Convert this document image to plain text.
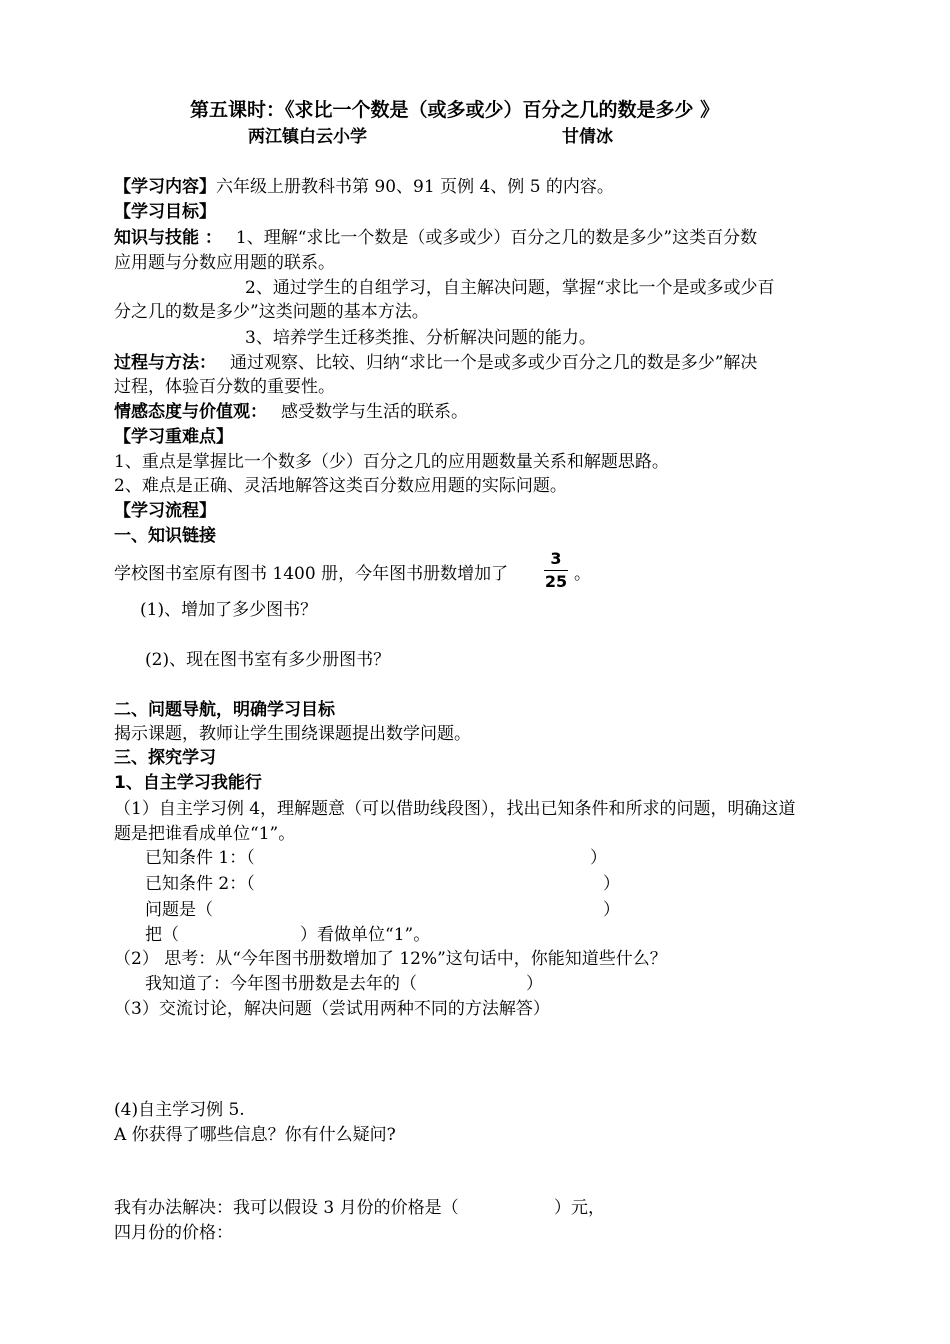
第五课时：《求比一个数是（或多或少）百分之几的数是多少 》
两江镇白云小学	甘倩冰
【学习内容】六年级上册教科书第 90、91 页例 4、例 5 的内容。
【学习目标】
知识与技能 ： 1、理解“求比一个数是（或多或少）百分之几的数是多少”这类百分数
应用题与分数应用题的联系。
2、通过学生的自组学习，自主解决问题，掌握“求比一个是或多或少百
分之几的数是多少”这类问题的基本方法。
3、培养学生迁移类推、分析解决问题的能力。
过程与方法： 通过观察、比较、归纳“求比一个是或多或少百分之几的数是多少”解决
过程，体验百分数的重要性。
情感态度与价值观： 感受数学与生活的联系。
【学习重难点】
1、重点是掌握比一个数多（少）百分之几的应用题数量关系和解题思路。
2、难点是正确、灵活地解答这类百分数应用题的实际问题。
【学习流程】
一、知识链接
学校图书室原有图书 1400 册，今年图书册数增加了
3
25 。
(1)、增加了多少图书？
(2)、现在图书室有多少册图书？
二、问题导航，明确学习目标
揭示课题，教师让学生围绕课题提出数学问题。
三、探究学习
1、自主学习我能行
（1）自主学习例 4，理解题意（可以借助线段图），找出已知条件和所求的问题，明确这道
题是把谁看成单位“1”。
已知条件 1：（	）
已知条件 2：（	）
问题是（	）
把（	）看做单位“1”。
（2） 思考：从“今年图书册数增加了 12%”这句话中，你能知道些什么？
我知道了：今年图书册数是去年的（	）
（3）交流讨论，解决问题（尝试用两种不同的方法解答）
(4)自主学习例 5.
A 你获得了哪些信息？你有什么疑问?
我有办法解决：我可以假设 3 月份的价格是（	）元，
四月份的价格：
